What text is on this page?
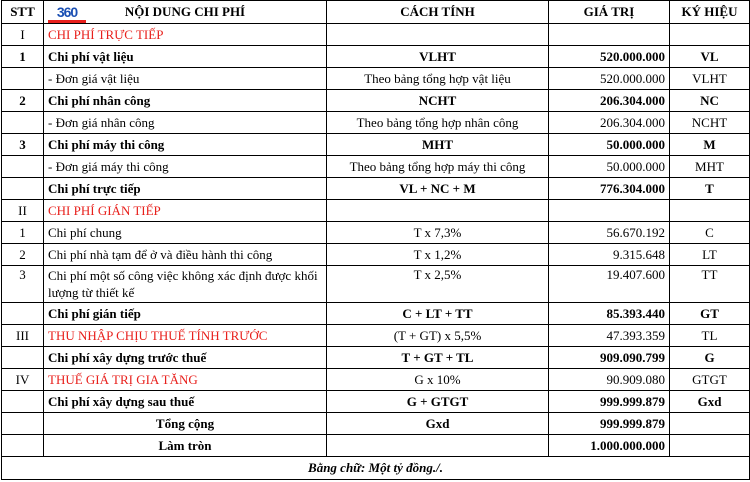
STT	360 NỘI DUNG CHI PHÍ	CÁCH TÍNH	GIÁ TRỊ	KÝ HIỆU
I	CHI PHÍ TRỰC TIẾP			
1	Chi phí vật liệu	VLHT	520.000.000	VL
	- Đơn giá vật liệu	Theo bảng tổng hợp vật liệu	520.000.000	VLHT
2	Chi phí nhân công	NCHT	206.304.000	NC
	- Đơn giá nhân công	Theo bảng tổng hợp nhân công	206.304.000	NCHT
3	Chi phí máy thi công	MHT	50.000.000	M
	- Đơn giá máy thi công	Theo bảng tổng hợp máy thi công	50.000.000	MHT
	Chi phí trực tiếp	VL + NC + M	776.304.000	T
II	CHI PHÍ GIÁN TIẾP			
1	Chi phí chung	T x 7,3%	56.670.192	C
2	Chi phí nhà tạm để ở và điều hành thi công	T x 1,2%	9.315.648	LT
3	Chi phí một số công việc không xác định được khối lượng từ thiết kế	T x 2,5%	19.407.600	TT
	Chi phí gián tiếp	C + LT + TT	85.393.440	GT
III	THU NHẬP CHỊU THUẾ TÍNH TRƯỚC	(T + GT) x 5,5%	47.393.359	TL
	Chi phí xây dựng trước thuế	T + GT + TL	909.090.799	G
IV	THUẾ GIÁ TRỊ GIA TĂNG	G x 10%	90.909.080	GTGT
	Chi phí xây dựng sau thuế	G + GTGT	999.999.879	Gxd
	Tổng cộng	Gxd	999.999.879	
	Làm tròn		1.000.000.000	
Bằng chữ: Một tỷ đồng./.				
